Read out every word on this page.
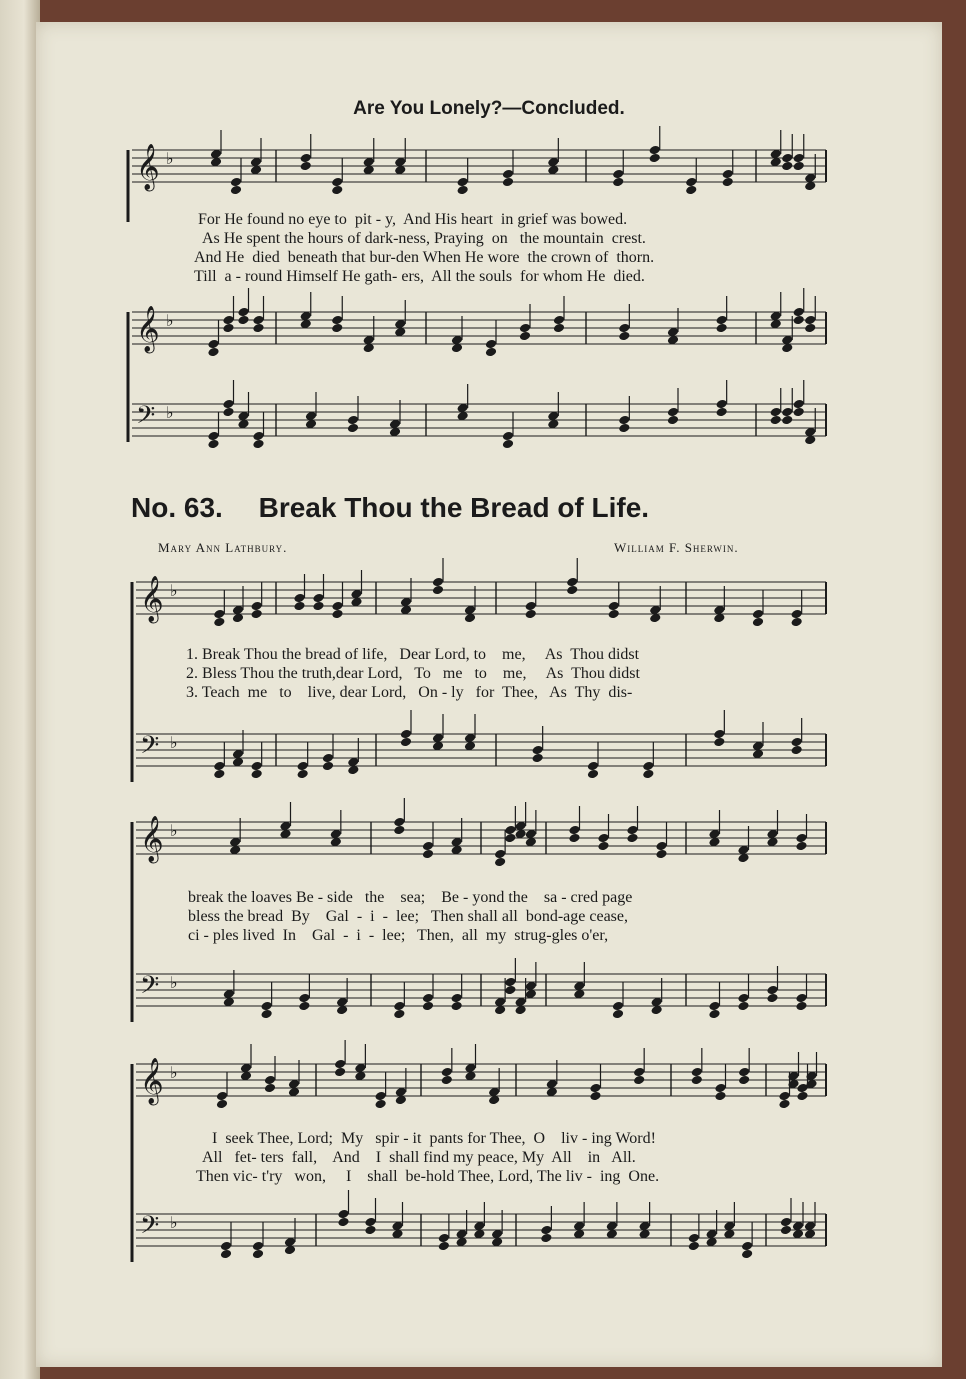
Are You Lonely?—Concluded.
No. 63. Break Thou the Bread of Life.
Mary Ann Lathbury.	William F. Sherwin.
𝄞 ♭
𝄞 ♭
𝄢 ♭
𝄞 ♭
𝄢 ♭
𝄞 ♭
𝄢 ♭
𝄞 ♭
𝄢 ♭
For He found no eye to  pit - y,  And His heart  in grief was bowed.
As He spent the hours of dark-ness, Praying  on   the mountain  crest.
And He  died  beneath that bur-den When He wore  the crown of  thorn.
Till  a - round Himself He gath- ers,  All the souls  for whom He  died.
1. Break Thou the bread of life,   Dear Lord, to    me,     As  Thou didst
2. Bless Thou the truth,dear Lord,   To   me   to    me,     As  Thou didst
3. Teach  me   to    live, dear Lord,   On - ly   for  Thee,   As  Thy  dis-
break the loaves Be - side   the    sea;    Be - yond the    sa - cred page
bless the bread  By    Gal  -  i  -  lee;   Then shall all  bond-age cease,
ci - ples lived  In    Gal  -  i  -  lee;   Then,  all  my  strug-gles o'er,
I  seek Thee, Lord;  My   spir - it  pants for Thee,  O    liv - ing Word!
All   fet- ters  fall,    And    I  shall find my peace, My  All    in   All.
Then vic- t'ry   won,     I    shall  be-hold Thee, Lord, The liv -  ing  One.
